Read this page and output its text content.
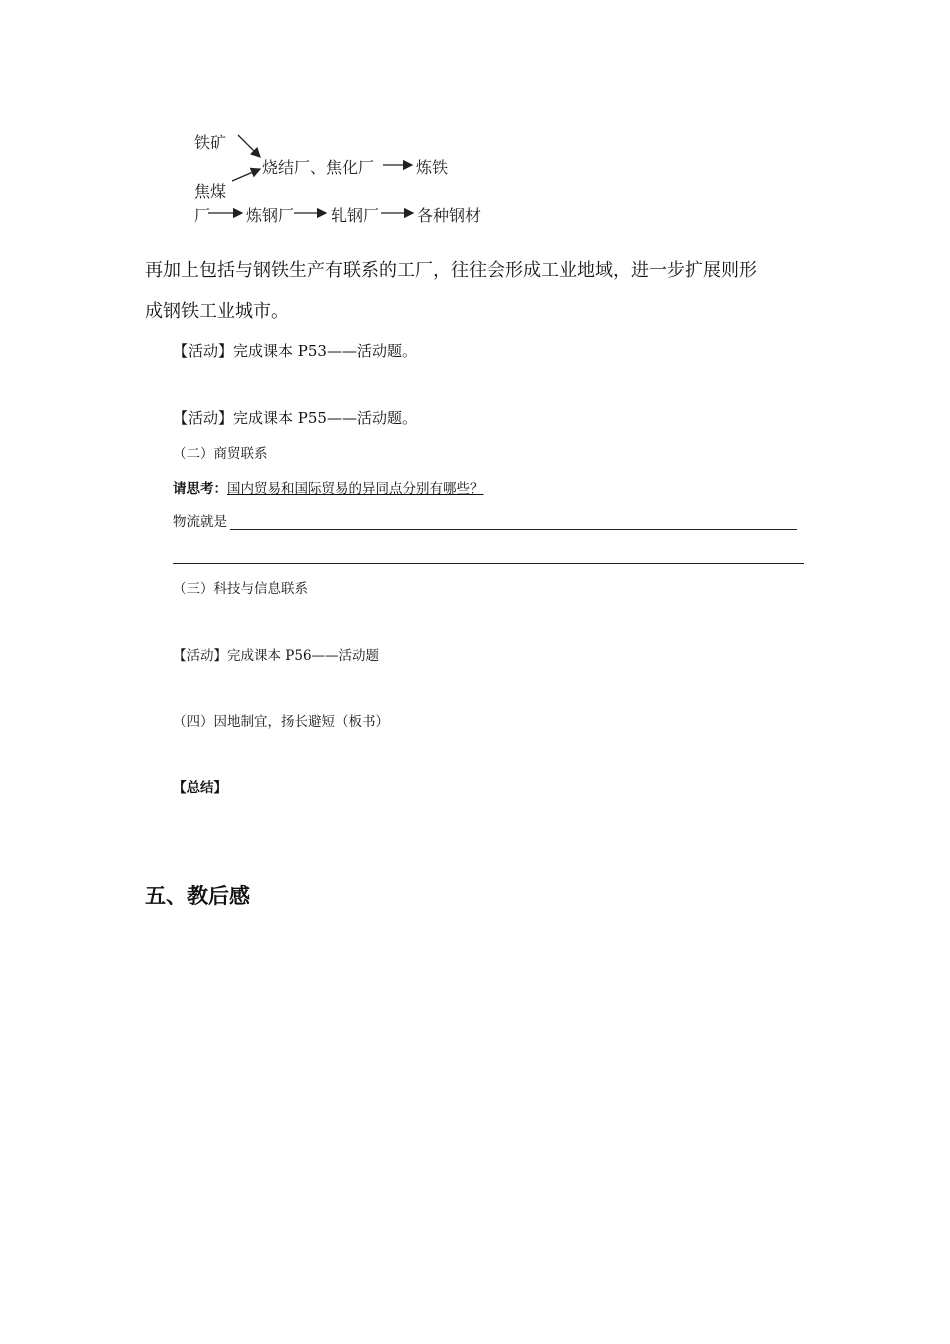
铁矿
焦煤
烧结厂、焦化厂	炼铁
厂 炼钢厂 轧钢厂 各种钢材
再加上包括与钢铁生产有联系的工厂，往往会形成工业地域，进一步扩展则形
成钢铁工业城市。
【活动】完成课本 P53——活动题。
【活动】完成课本 P55——活动题。
（二）商贸联系
请思考：国内贸易和国际贸易的异同点分别有哪些？
物流就是
（三）科技与信息联系
【活动】完成课本 P56——活动题
（四）因地制宜，扬长避短（板书）
【总结】
五、教后感
